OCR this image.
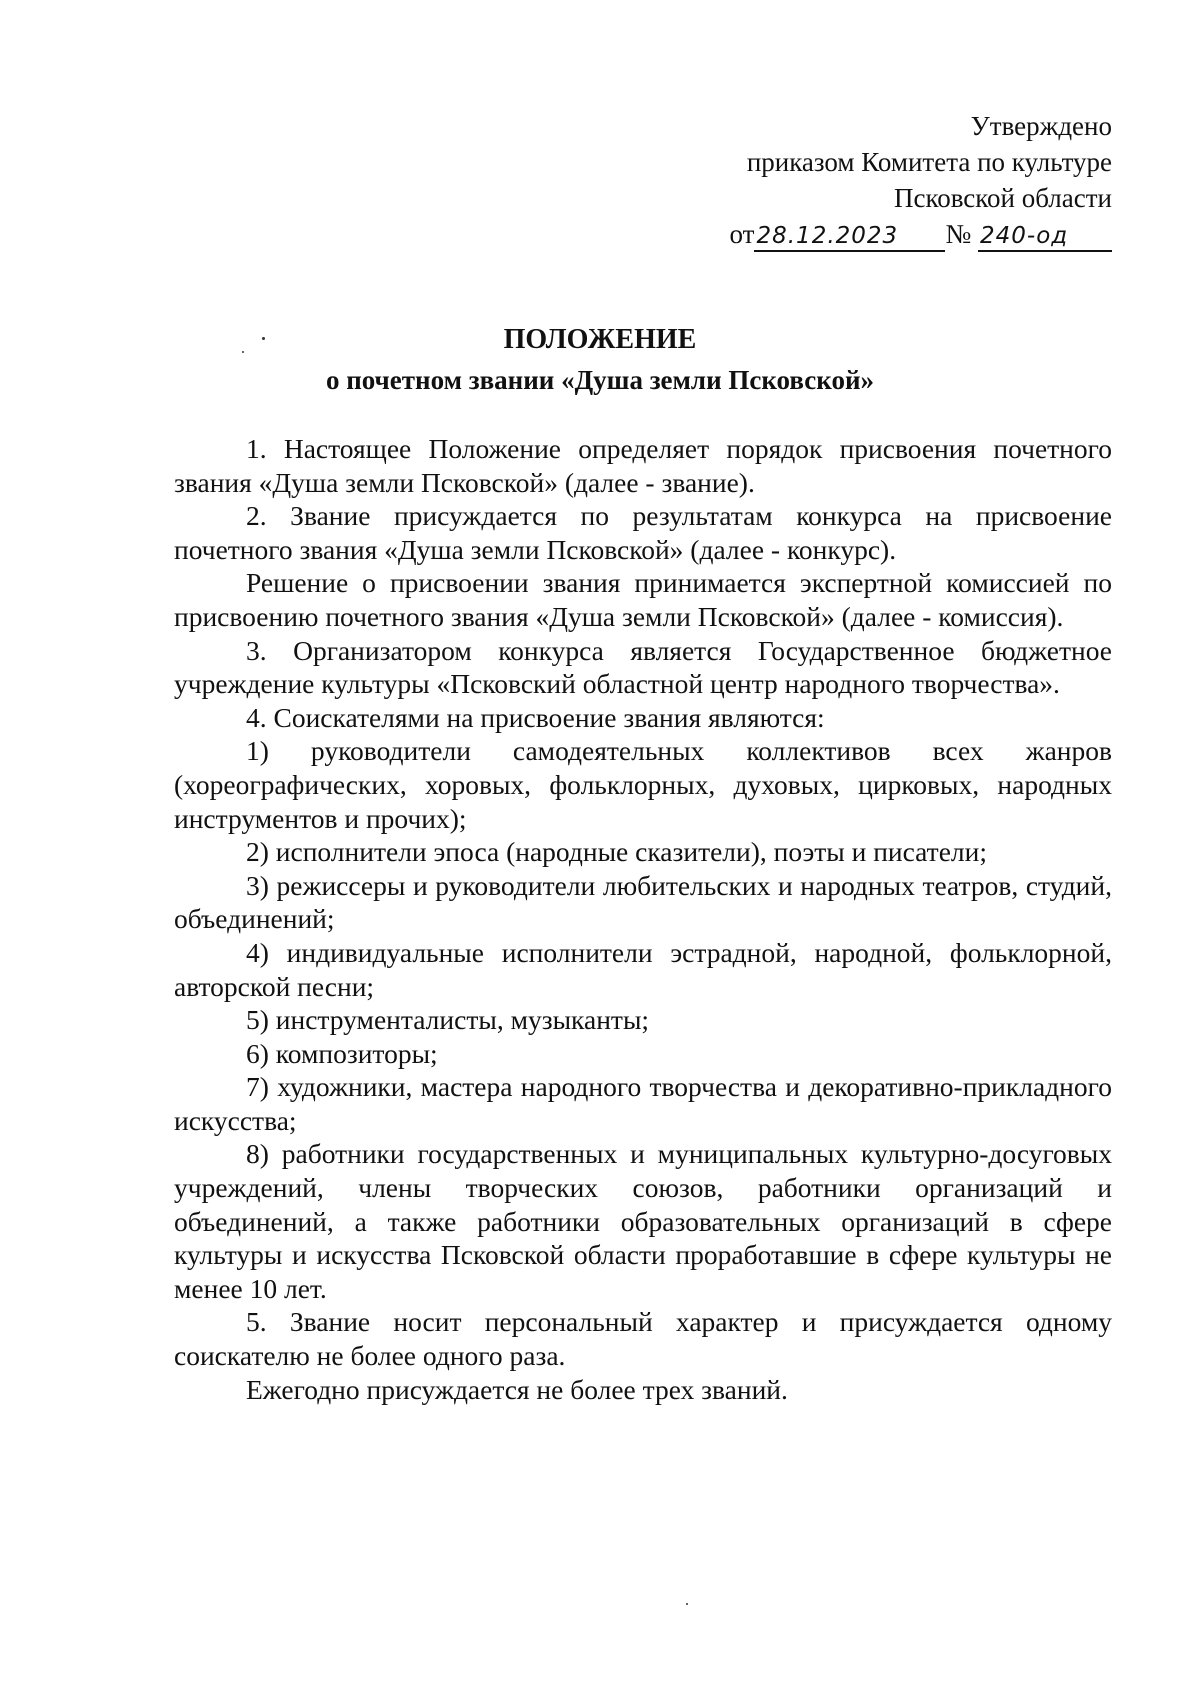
Утверждено
приказом Комитета по культуре
Псковской области
от28.12.2023 № 240-од
ПОЛОЖЕНИЕ
о почетном звании «Душа земли Псковской»

1. Настоящее Положение определяет порядок присвоения почетного звания «Душа земли Псковской» (далее - звание).

2. Звание присуждается по результатам конкурса на присвоение почетного звания «Душа земли Псковской» (далее - конкурс).

Решение о присвоении звания принимается экспертной комиссией по присвоению почетного звания «Душа земли Псковской» (далее - комиссия).

3. Организатором конкурса является Государственное бюджетное учреждение культуры «Псковский областной центр народного творчества».

4. Соискателями на присвоение звания являются:

1) руководители самодеятельных коллективов всех жанров (хореографических, хоровых, фольклорных, духовых, цирковых, народных инструментов и прочих);

2) исполнители эпоса (народные сказители), поэты и писатели;

3) режиссеры и руководители любительских и народных театров, студий, объединений;

4) индивидуальные исполнители эстрадной, народной, фольклорной, авторской песни;

5) инструменталисты, музыканты;

6) композиторы;

7) художники, мастера народного творчества и декоративно-прикладного искусства;

8) работники государственных и муниципальных культурно-досуговых учреждений, члены творческих союзов, работники организаций и объединений, а также работники образовательных организаций в сфере культуры и искусства Псковской области проработавшие в сфере культуры не менее 10 лет.

5. Звание носит персональный характер и присуждается одному соискателю не более одного раза.

Ежегодно присуждается не более трех званий.
